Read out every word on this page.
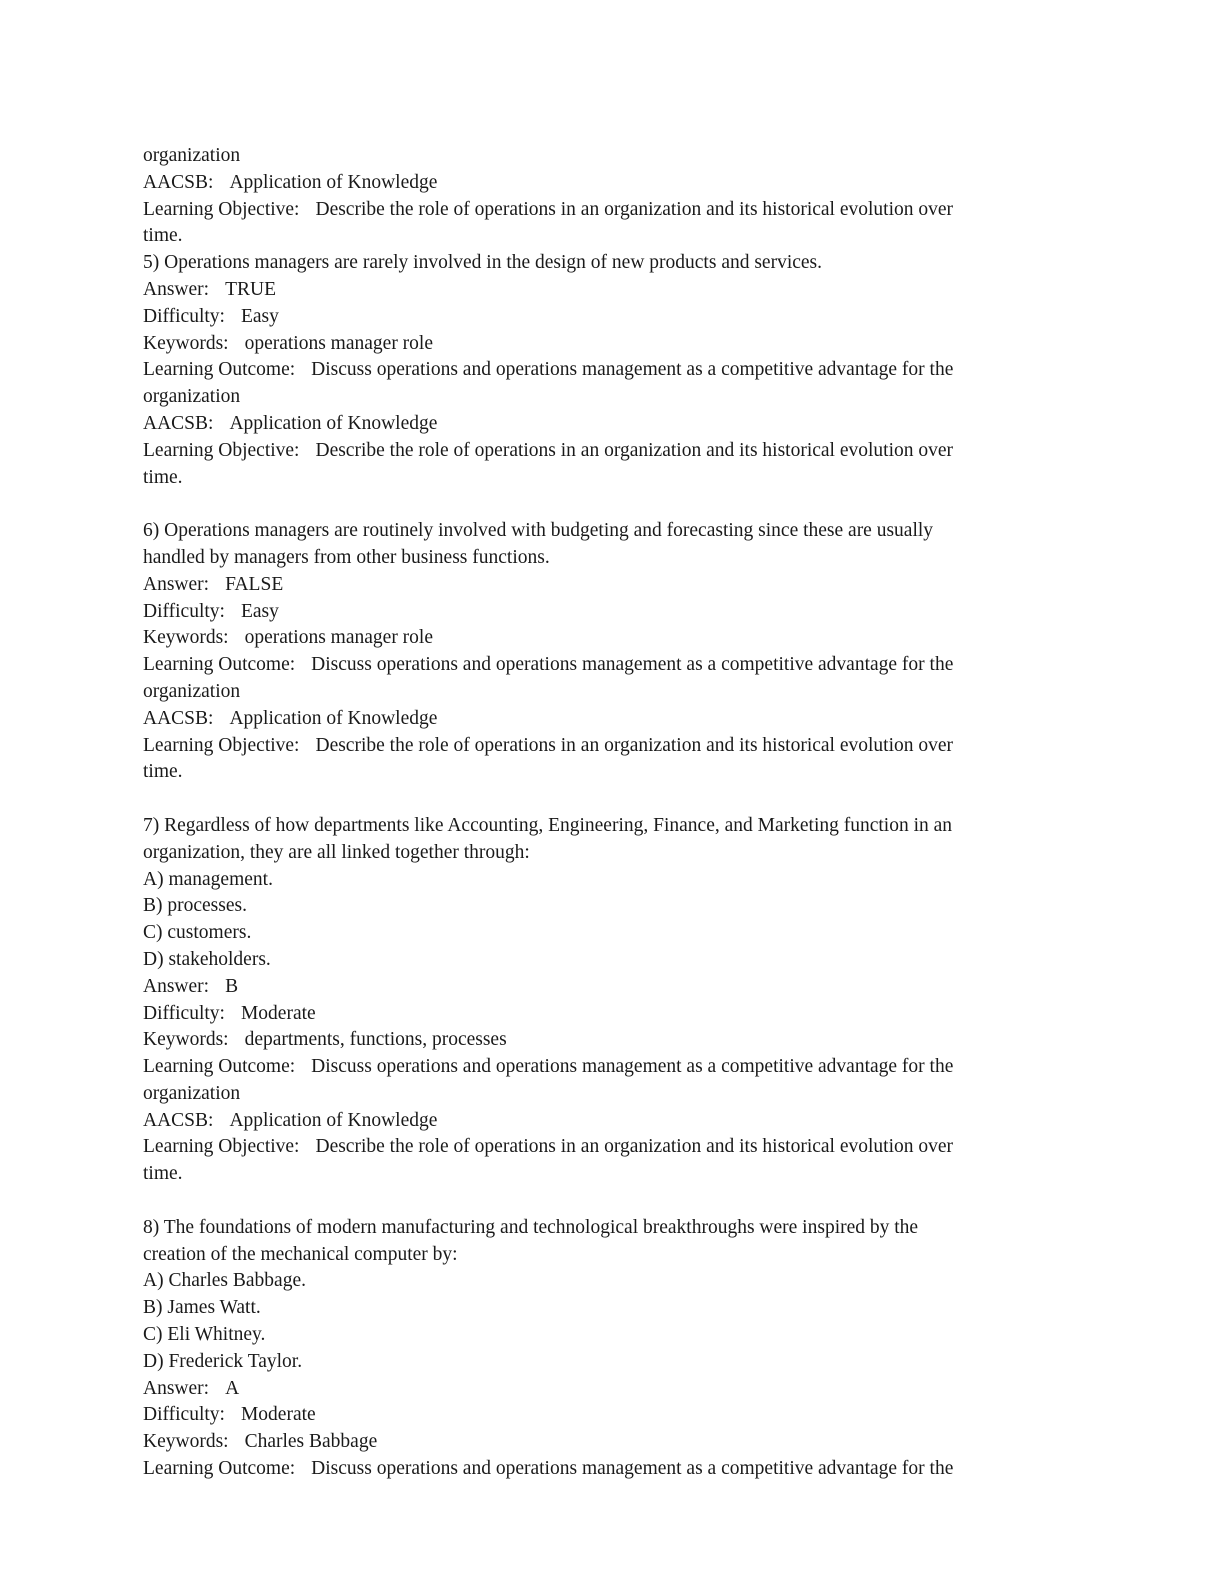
organization
AACSB: Application of Knowledge
Learning Objective: Describe the role of operations in an organization and its historical evolution over
time.
5) Operations managers are rarely involved in the design of new products and services.
Answer: TRUE
Difficulty: Easy
Keywords: operations manager role
Learning Outcome: Discuss operations and operations management as a competitive advantage for the
organization
AACSB: Application of Knowledge
Learning Objective: Describe the role of operations in an organization and its historical evolution over
time.
6) Operations managers are routinely involved with budgeting and forecasting since these are usually
handled by managers from other business functions.
Answer: FALSE
Difficulty: Easy
Keywords: operations manager role
Learning Outcome: Discuss operations and operations management as a competitive advantage for the
organization
AACSB: Application of Knowledge
Learning Objective: Describe the role of operations in an organization and its historical evolution over
time.
7) Regardless of how departments like Accounting, Engineering, Finance, and Marketing function in an
organization, they are all linked together through:
A) management.
B) processes.
C) customers.
D) stakeholders.
Answer: B
Difficulty: Moderate
Keywords: departments, functions, processes
Learning Outcome: Discuss operations and operations management as a competitive advantage for the
organization
AACSB: Application of Knowledge
Learning Objective: Describe the role of operations in an organization and its historical evolution over
time.
8) The foundations of modern manufacturing and technological breakthroughs were inspired by the
creation of the mechanical computer by:
A) Charles Babbage.
B) James Watt.
C) Eli Whitney.
D) Frederick Taylor.
Answer: A
Difficulty: Moderate
Keywords: Charles Babbage
Learning Outcome: Discuss operations and operations management as a competitive advantage for the
